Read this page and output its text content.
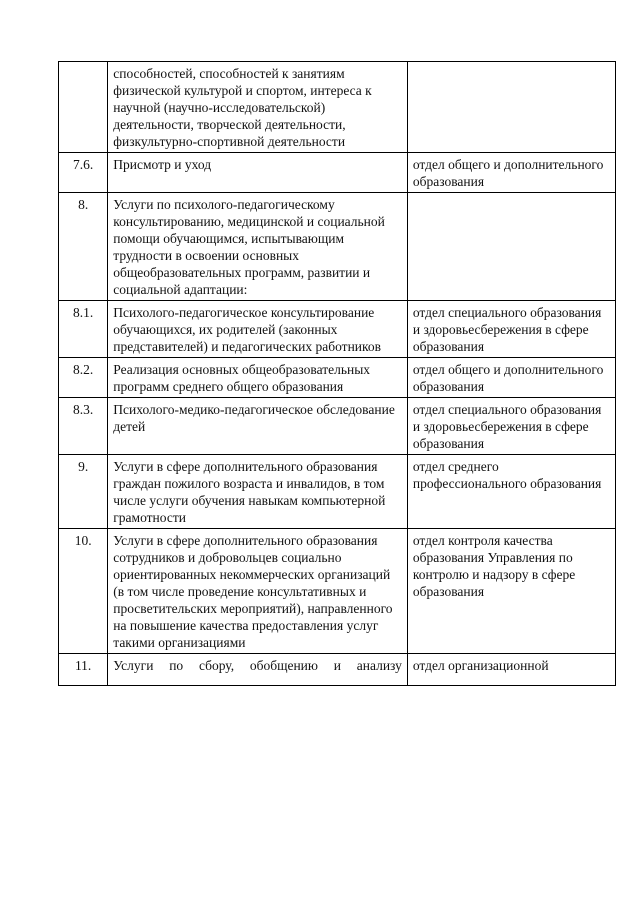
	способностей, способностей к занятиям физической культурой и спортом, интереса к научной (научно-исследовательской) деятельности, творческой деятельности, физкультурно-спортивной деятельности	
7.6.	Присмотр и уход	отдел общего и дополнительного образования
8.	Услуги по психолого-педагогическому консультированию, медицинской и социальной помощи обучающимся, испытывающим трудности в освоении основных общеобразовательных программ, развитии и социальной адаптации:	
8.1.	Психолого-педагогическое консультирование обучающихся, их родителей (законных представителей) и педагогических работников	отдел специального образования и здоровьесбережения в сфере образования
8.2.	Реализация основных общеобразовательных программ среднего общего образования	отдел общего и дополнительного образования
8.3.	Психолого-медико-педагогическое обследование детей	отдел специального образования и здоровьесбережения в сфере образования
9.	Услуги в сфере дополнительного образования граждан пожилого возраста и инвалидов, в том числе услуги обучения навыкам компьютерной грамотности	отдел среднего профессионального образования
10.	Услуги в сфере дополнительного образования сотрудников и добровольцев социально ориентированных некоммерческих организаций (в том числе проведение консультативных и просветительских мероприятий), направленного на повышение качества предоставления услуг такими организациями	отдел контроля качества образования Управления по контролю и надзору в сфере образования
11.	Услуги по сбору, обобщению и анализу	отдел организационной
